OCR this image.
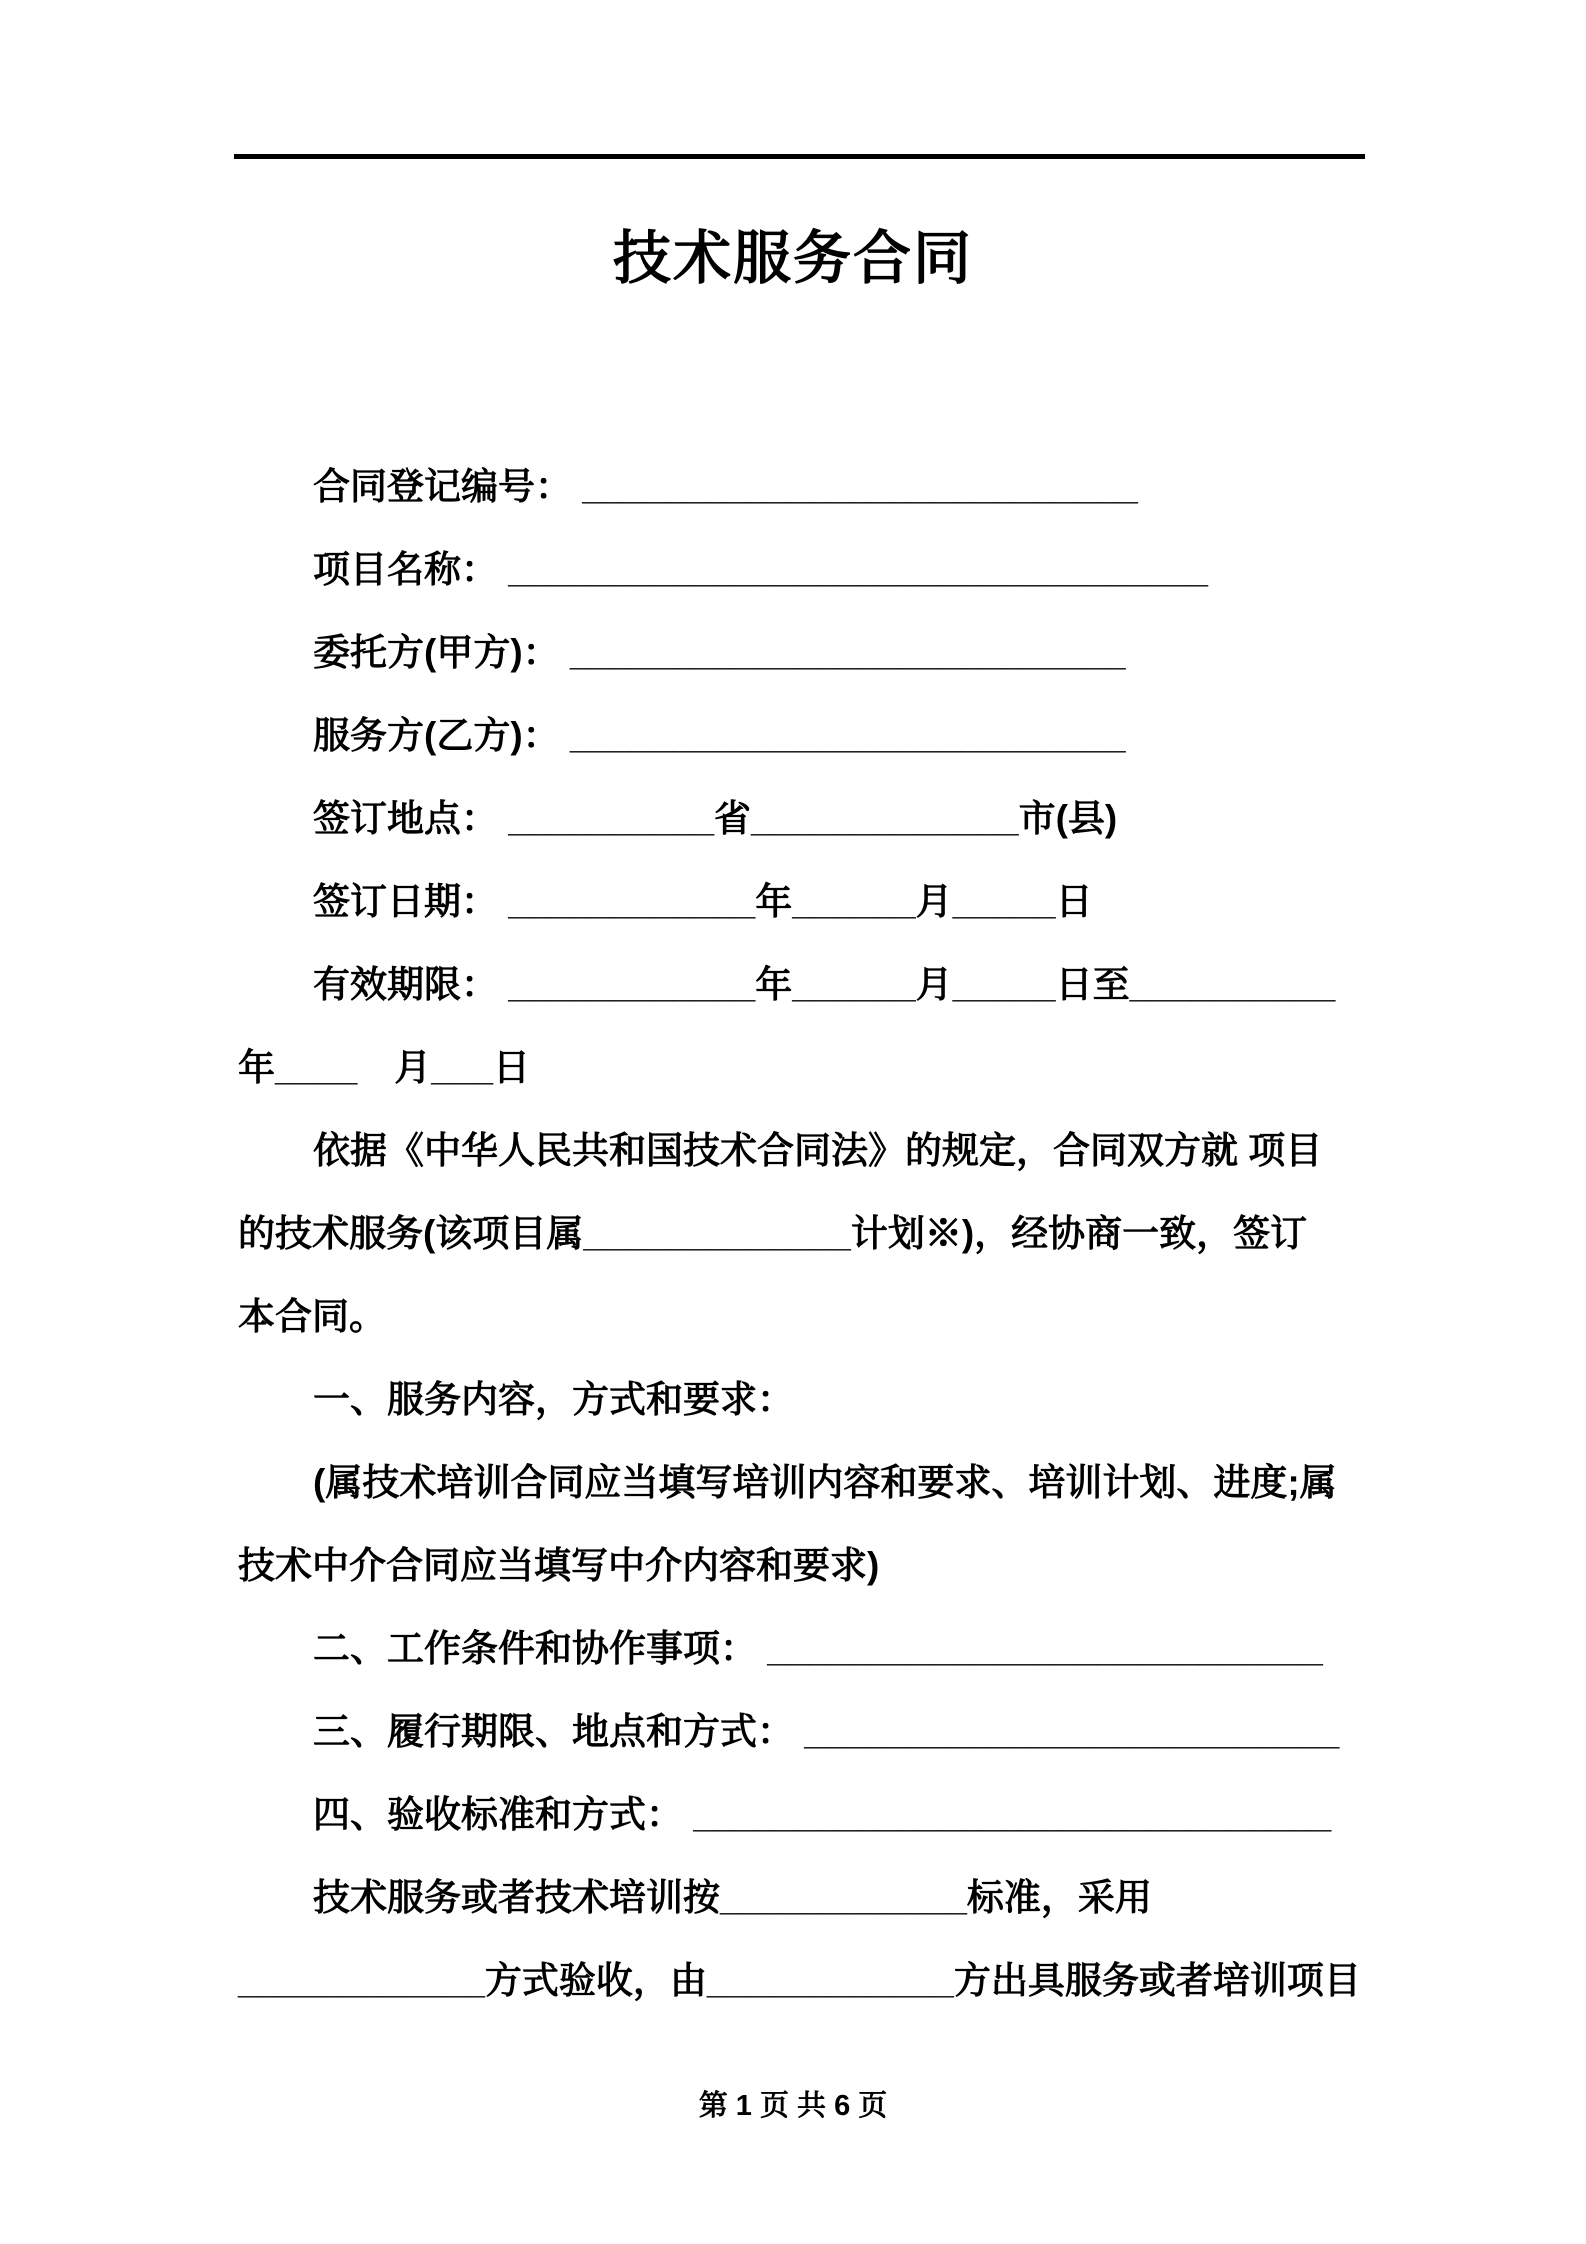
技术服务合同
合同登记编号： ___________________________
项目名称： __________________________________
委托方(甲方)： ___________________________
服务方(乙方)： ___________________________
签订地点： __________省_____________市(县)
签订日期： ____________年______月_____日
有效期限： ____________年______月_____日至__________
年____　月___日
依据《中华人民共和国技术合同法》的规定，合同双方就 项目
的技术服务(该项目属_____________计划※)，经协商一致，签订
本合同。
一、服务内容，方式和要求：
(属技术培训合同应当填写培训内容和要求、培训计划、进度;属
技术中介合同应当填写中介内容和要求)
二、工作条件和协作事项： ___________________________
三、履行期限、地点和方式： __________________________
四、验收标准和方式： _______________________________
技术服务或者技术培训按____________标准，采用
____________方式验收，由____________方出具服务或者培训项目
第 1 页 共 6 页
